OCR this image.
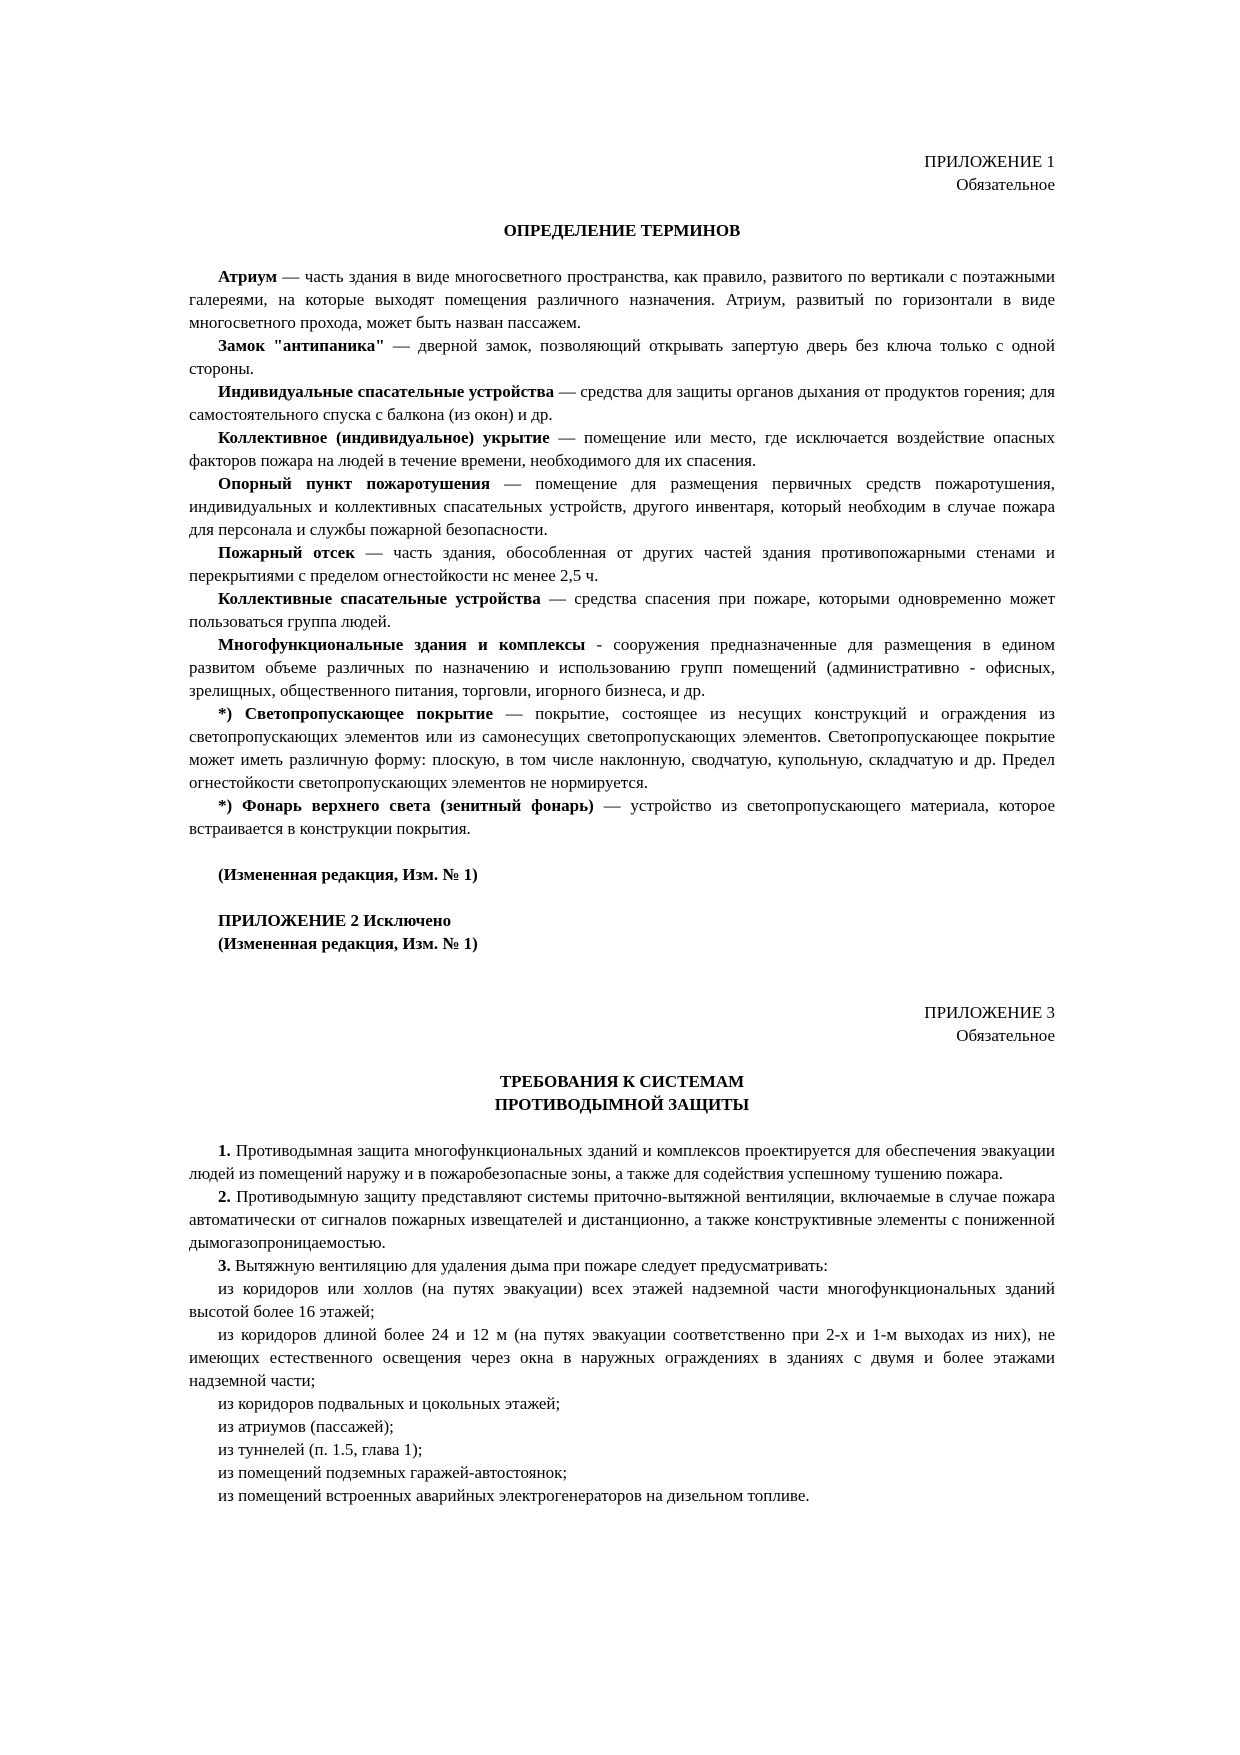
ПРИЛОЖЕНИЕ 1
Обязательное
ОПРЕДЕЛЕНИЕ ТЕРМИНОВ

Атриум — часть здания в виде многосветного пространства, как правило, развитого по вертикали с поэтажными галереями, на которые выходят помещения различного назначения. Атриум, развитый по горизонтали в виде многосветного прохода, может быть назван пассажем.

Замок "антипаника" — дверной замок, позволяющий открывать запертую дверь без ключа только с одной стороны.

Индивидуальные спасательные устройства — средства для защиты органов дыхания от продуктов горения; для самостоятельного спуска с балкона (из окон) и др.

Коллективное (индивидуальное) укрытие — помещение или место, где исключается воздействие опасных факторов пожара на людей в течение времени, необходимого для их спасения.

Опорный пункт пожаротушения — помещение для размещения первичных средств пожаротушения, индивидуальных и коллективных спасательных устройств, другого инвентаря, который необходим в случае пожара для персонала и службы пожарной безопасности.

Пожарный отсек — часть здания, обособленная от других частей здания противопожарными стенами и перекрытиями с пределом огнестойкости нс менее 2,5 ч.

Коллективные спасательные устройства — средства спасения при пожаре, которыми одновременно может пользоваться группа людей.

Многофункциональные здания и комплексы - сооружения предназначенные для размещения в едином развитом объеме различных по назначению и использованию групп помещений (административно - офисных, зрелищных, общественного питания, торговли, игорного бизнеса, и др.

*) Светопропускающее покрытие — покрытие, состоящее из несущих конструкций и ограждения из светопропускающих элементов или из самонесущих светопропускающих элементов. Светопропускающее покрытие может иметь различную форму: плоскую, в том числе наклонную, сводчатую, купольную, складчатую и др. Предел огнестойкости светопропускающих элементов не нормируется.

*) Фонарь верхнего света (зенитный фонарь) — устройство из светопропускающего материала, которое встраивается в конструкции покрытия.

(Измененная редакция, Изм. № 1)

ПРИЛОЖЕНИЕ 2 Исключено

(Измененная редакция, Изм. № 1)

ПРИЛОЖЕНИЕ 3
Обязательное
ТРЕБОВАНИЯ К СИСТЕМАМ
ПРОТИВОДЫМНОЙ ЗАЩИТЫ

1. Противодымная защита многофункциональных зданий и комплексов проектируется для обеспечения эвакуации людей из помещений наружу и в пожаробезопасные зоны, а также для содействия успешному тушению пожара.

2. Противодымную защиту представляют системы приточно-вытяжной вентиляции, включаемые в случае пожара автоматически от сигналов пожарных извещателей и дистанционно, а также конструктивные элементы с пониженной дымогазопроницаемостью.

3. Вытяжную вентиляцию для удаления дыма при пожаре следует предусматривать:

из коридоров или холлов (на путях эвакуации) всех этажей надземной части многофункциональных зданий высотой более 16 этажей;

из коридоров длиной более 24 и 12 м (на путях эвакуации соответственно при 2-х и 1-м выходах из них), не имеющих естественного освещения через окна в наружных ограждениях в зданиях с двумя и более этажами надземной части;

из коридоров подвальных и цокольных этажей;

из атриумов (пассажей);

из туннелей (п. 1.5, глава 1);

из помещений подземных гаражей-автостоянок;

из помещений встроенных аварийных электрогенераторов на дизельном топливе.
